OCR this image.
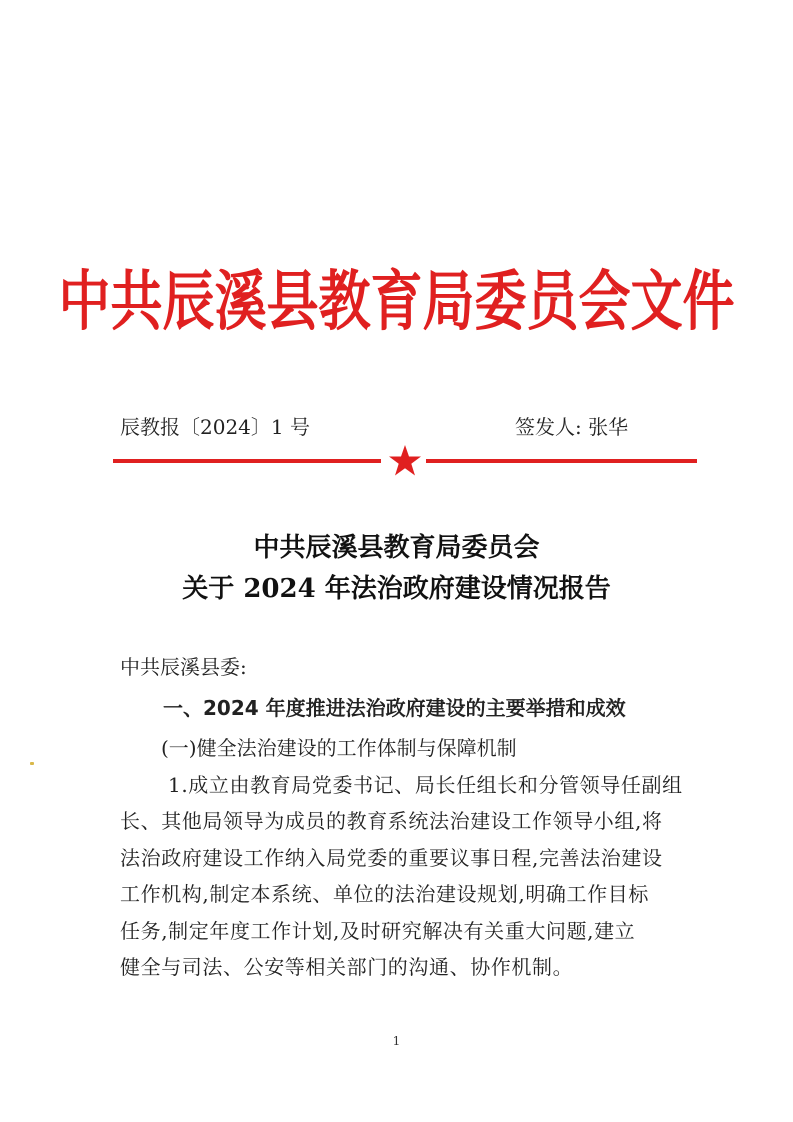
中共辰溪县教育局委员会文件
辰教报〔2024〕1 号	签发人: 张华
中共辰溪县教育局委员会
关于 2024 年法治政府建设情况报告
中共辰溪县委:
一、2024 年度推进法治政府建设的主要举措和成效
(一)健全法治建设的工作体制与保障机制
1.成立由教育局党委书记、局长任组长和分管领导任副组
长、其他局领导为成员的教育系统法治建设工作领导小组,将
法治政府建设工作纳入局党委的重要议事日程,完善法治建设
工作机构,制定本系统、单位的法治建设规划,明确工作目标
任务,制定年度工作计划,及时研究解决有关重大问题,建立
健全与司法、公安等相关部门的沟通、协作机制。
1
